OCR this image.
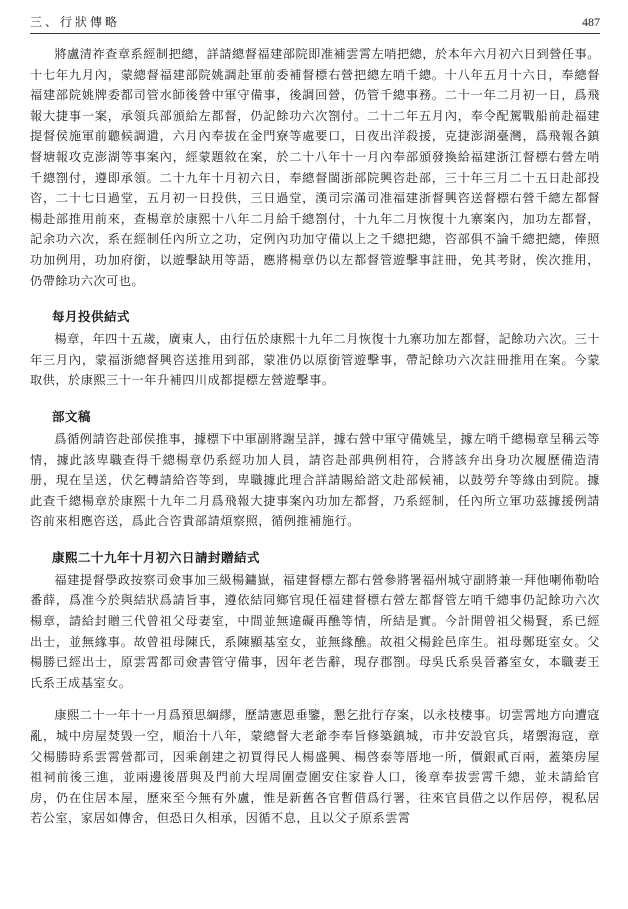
三、行狀傳略	487

將盧清祚查章系經制把總，詳請總督福建部院即准補雲霄左哨把總，於本年六月初六日到營任事。十七年九月內，蒙總督福建部院姚調赴軍前委補督標右營把總左哨千總。十八年五月十六日，奉總督福建部院姚牌委都司管水師後營中軍守備事，後調回營，仍管千總事務。二十一年二月初一日，爲飛報大捷事一案，承領兵部頒給左都督，仍記餘功六次劄付。二十二年五月內，奉令配駕戰船前赴福建提督侯施軍前聽候調遣，六月內奉拔在金門寮等處要口，日夜出洋殺援，克捷澎湖臺灣，爲飛報各鎮督塘報攻克澎湖等事案內，經蒙題敘在案，於二十八年十一月內奉部頒發換給福建浙江督標右營左哨千總劄付，遵即承領。二十九年十月初六日，奉總督閩浙部院興咨赴部，三十年三月二十五日赴部投咨，二十七日過堂，五月初一日投供，三日過堂，漢司宗滿司准福建浙督興咨送督標右營千總左都督楊赴部推用前來，查楊章於康熙十八年二月給千總劄付，十九年二月恢復十九寨案內，加功左都督，記余功六次，系在經制任內所立之功，定例內功加守備以上之千總把總，咨部俱不論千總把總，俸照功加例用，功加府銜，以遊擊缺用等語，應將楊章仍以左都督管遊擊事註冊，免其考財，俟次推用，仍帶餘功六次可也。

每月投供結式

楊章，年四十五歲，廣東人，由行伍於康熙十九年二月恢復十九寨功加左都督，記餘功六次。三十年三月內，蒙福浙總督興咨送推用到部，蒙准仍以原銜管遊擊事，帶記餘功六次註冊推用在案。今蒙取供，於康熙三十一年升補四川成都提標左營遊擊事。

部文稿

爲循例請咨赴部侯推事，據標下中軍副將謝呈詳，據右營中軍守備姚呈，據左哨千總楊章呈稱云等情，據此該卑職查得千總楊章仍系經功加人員，請咨赴部典例相符，合將該弁出身功次履歷備造清册，現在呈送，伏乞轉請給咨等到，卑職據此理合詳請賜給諮文赴部候補，以鼓勞弁等緣由到院。據此查千總楊章於康熙十九年二月爲飛報大捷事案內功加左都督，乃系經制，任內所立軍功茲據援例請咨前來相應咨送，爲此合咨貴部請煩察照，循例推補施行。

康熙二十九年十月初六日請封贈結式

福建提督學政按察司僉事加三級楊鏞嶽，福建督標左都右營參將署福州城守副將兼一拜他喇佈勒哈番薛，爲准今於與結狀爲請旨事，遵依結同鄉官現任福建督標右營左都督管左哨千總事仍記餘功六次楊章，請給封贈三代曾祖父母妻室，中間並無違礙再醮等情，所結是實。今計開曾祖父楊賢，系已經出士，並無緣事。故曾祖母陳氏，系陳顯基室女，並無緣醮。故祖父楊銓邑庠生。祖母鄭珽室女。父楊勝已經出士，原雲霄都司僉書管守備事，因年老告辭，現存郡劄。母吳氏系吳晉蕃室女，本職妻王氏系王成基室女。

康熙二十一年十一月爲預思綱繆，歷請憲恩垂鑒，懇乞批行存案，以永枝棲事。切雲霄地方向遭寇亂，城中房屋焚毀一空，順治十八年，蒙總督大老爺李奉旨修築鎮城，市井安設官兵，堵禦海寇，章父楊勝時系雲霄營都司，因乘創建之初買得民人楊盛興、楊啓泰等厝地一所，價銀貳百兩，蓋築房屋祖祠前後三進，並兩邊後厝與及門前大埕周圍壹圍安住家眷人口，後章奉拔雲霄千總，並未請給官房，仍在住居本屋，歷來至今無有外盧，惟是新舊各官暫借爲行署，往來官員借之以作居停，視私居若公室，家居如傳舍，但恐日久相承，因循不息，且以父子原系雲霄
